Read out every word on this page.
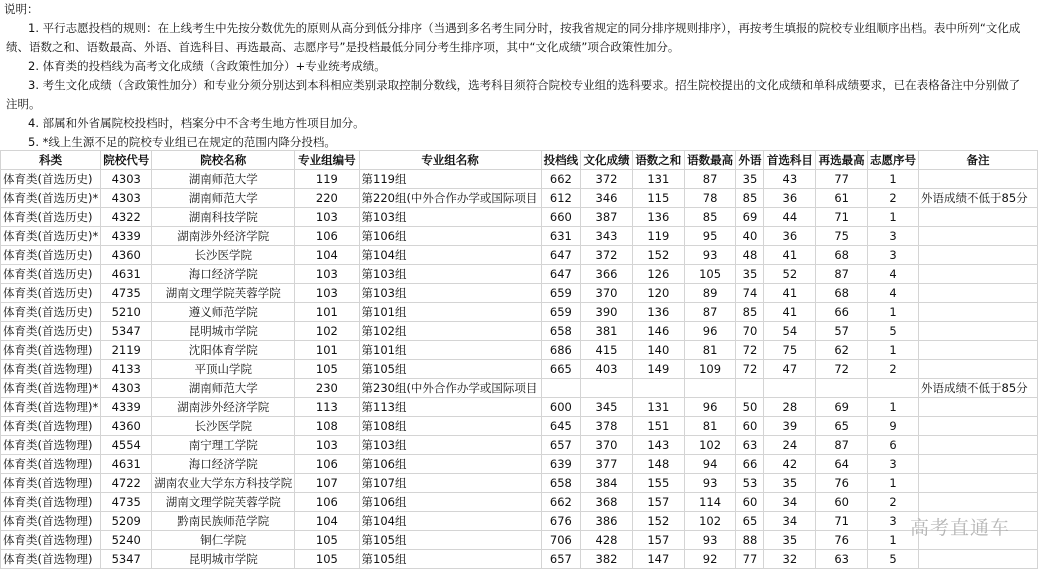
说明：
1. 平行志愿投档的规则：在上线考生中先按分数优先的原则从高分到低分排序（当遇到多名考生同分时，按我省规定的同分排序规则排序），再按考生填报的院校专业组顺序出档。表中所列“文化成绩、语数之和、语数最高、外语、首选科目、再选最高、志愿序号”是投档最低分同分考生排序项，其中“文化成绩”项合政策性加分。
2. 体育类的投档线为高考文化成绩（含政策性加分）+专业统考成绩。
3. 考生文化成绩（含政策性加分）和专业分须分别达到本科相应类别录取控制分数线，选考科目须符合院校专业组的选科要求。招生院校提出的文化成绩和单科成绩要求，已在表格备注中分别做了注明。
4. 部属和外省属院校投档时，档案分中不含考生地方性项目加分。
5. *线上生源不足的院校专业组已在规定的范围内降分投档。
科类	院校代号	院校名称	专业组编号	专业组名称	投档线	文化成绩	语数之和	语数最高	外语	首选科目	再选最高	志愿序号	备注
体育类(首选历史)	4303	湖南师范大学	119	第119组	662	372	131	87	35	43	77	1	
体育类(首选历史)*	4303	湖南师范大学	220	第220组(中外合作办学或国际项目	612	346	115	78	85	36	61	2	外语成绩不低于85分
体育类(首选历史)	4322	湖南科技学院	103	第103组	660	387	136	85	69	44	71	1	
体育类(首选历史)*	4339	湖南涉外经济学院	106	第106组	631	343	119	95	40	36	75	3	
体育类(首选历史)	4360	长沙医学院	104	第104组	647	372	152	93	48	41	68	3	
体育类(首选历史)	4631	海口经济学院	103	第103组	647	366	126	105	35	52	87	4	
体育类(首选历史)	4735	湖南文理学院芙蓉学院	103	第103组	659	370	120	89	74	41	68	4	
体育类(首选历史)	5210	遵义师范学院	101	第101组	659	390	136	87	85	41	66	1	
体育类(首选历史)	5347	昆明城市学院	102	第102组	658	381	146	96	70	54	57	5	
体育类(首选物理)	2119	沈阳体育学院	101	第101组	686	415	140	81	72	75	62	1	
体育类(首选物理)	4133	平顶山学院	105	第105组	665	403	149	109	72	47	72	2	
体育类(首选物理)*	4303	湖南师范大学	230	第230组(中外合作办学或国际项目									外语成绩不低于85分
体育类(首选物理)*	4339	湖南涉外经济学院	113	第113组	600	345	131	96	50	28	69	1	
体育类(首选物理)	4360	长沙医学院	108	第108组	645	378	151	81	60	39	65	9	
体育类(首选物理)	4554	南宁理工学院	103	第103组	657	370	143	102	63	24	87	6	
体育类(首选物理)	4631	海口经济学院	106	第106组	639	377	148	94	66	42	64	3	
体育类(首选物理)	4722	湖南农业大学东方科技学院	107	第107组	658	384	155	93	53	35	76	1	
体育类(首选物理)	4735	湖南文理学院芙蓉学院	106	第106组	662	368	157	114	60	34	60	2	
体育类(首选物理)	5209	黔南民族师范学院	104	第104组	676	386	152	102	65	34	71	3	
体育类(首选物理)	5240	铜仁学院	105	第105组	706	428	157	93	88	35	76	1	
体育类(首选物理)	5347	昆明城市学院	105	第105组	657	382	147	92	77	32	63	5	
高考直通车
